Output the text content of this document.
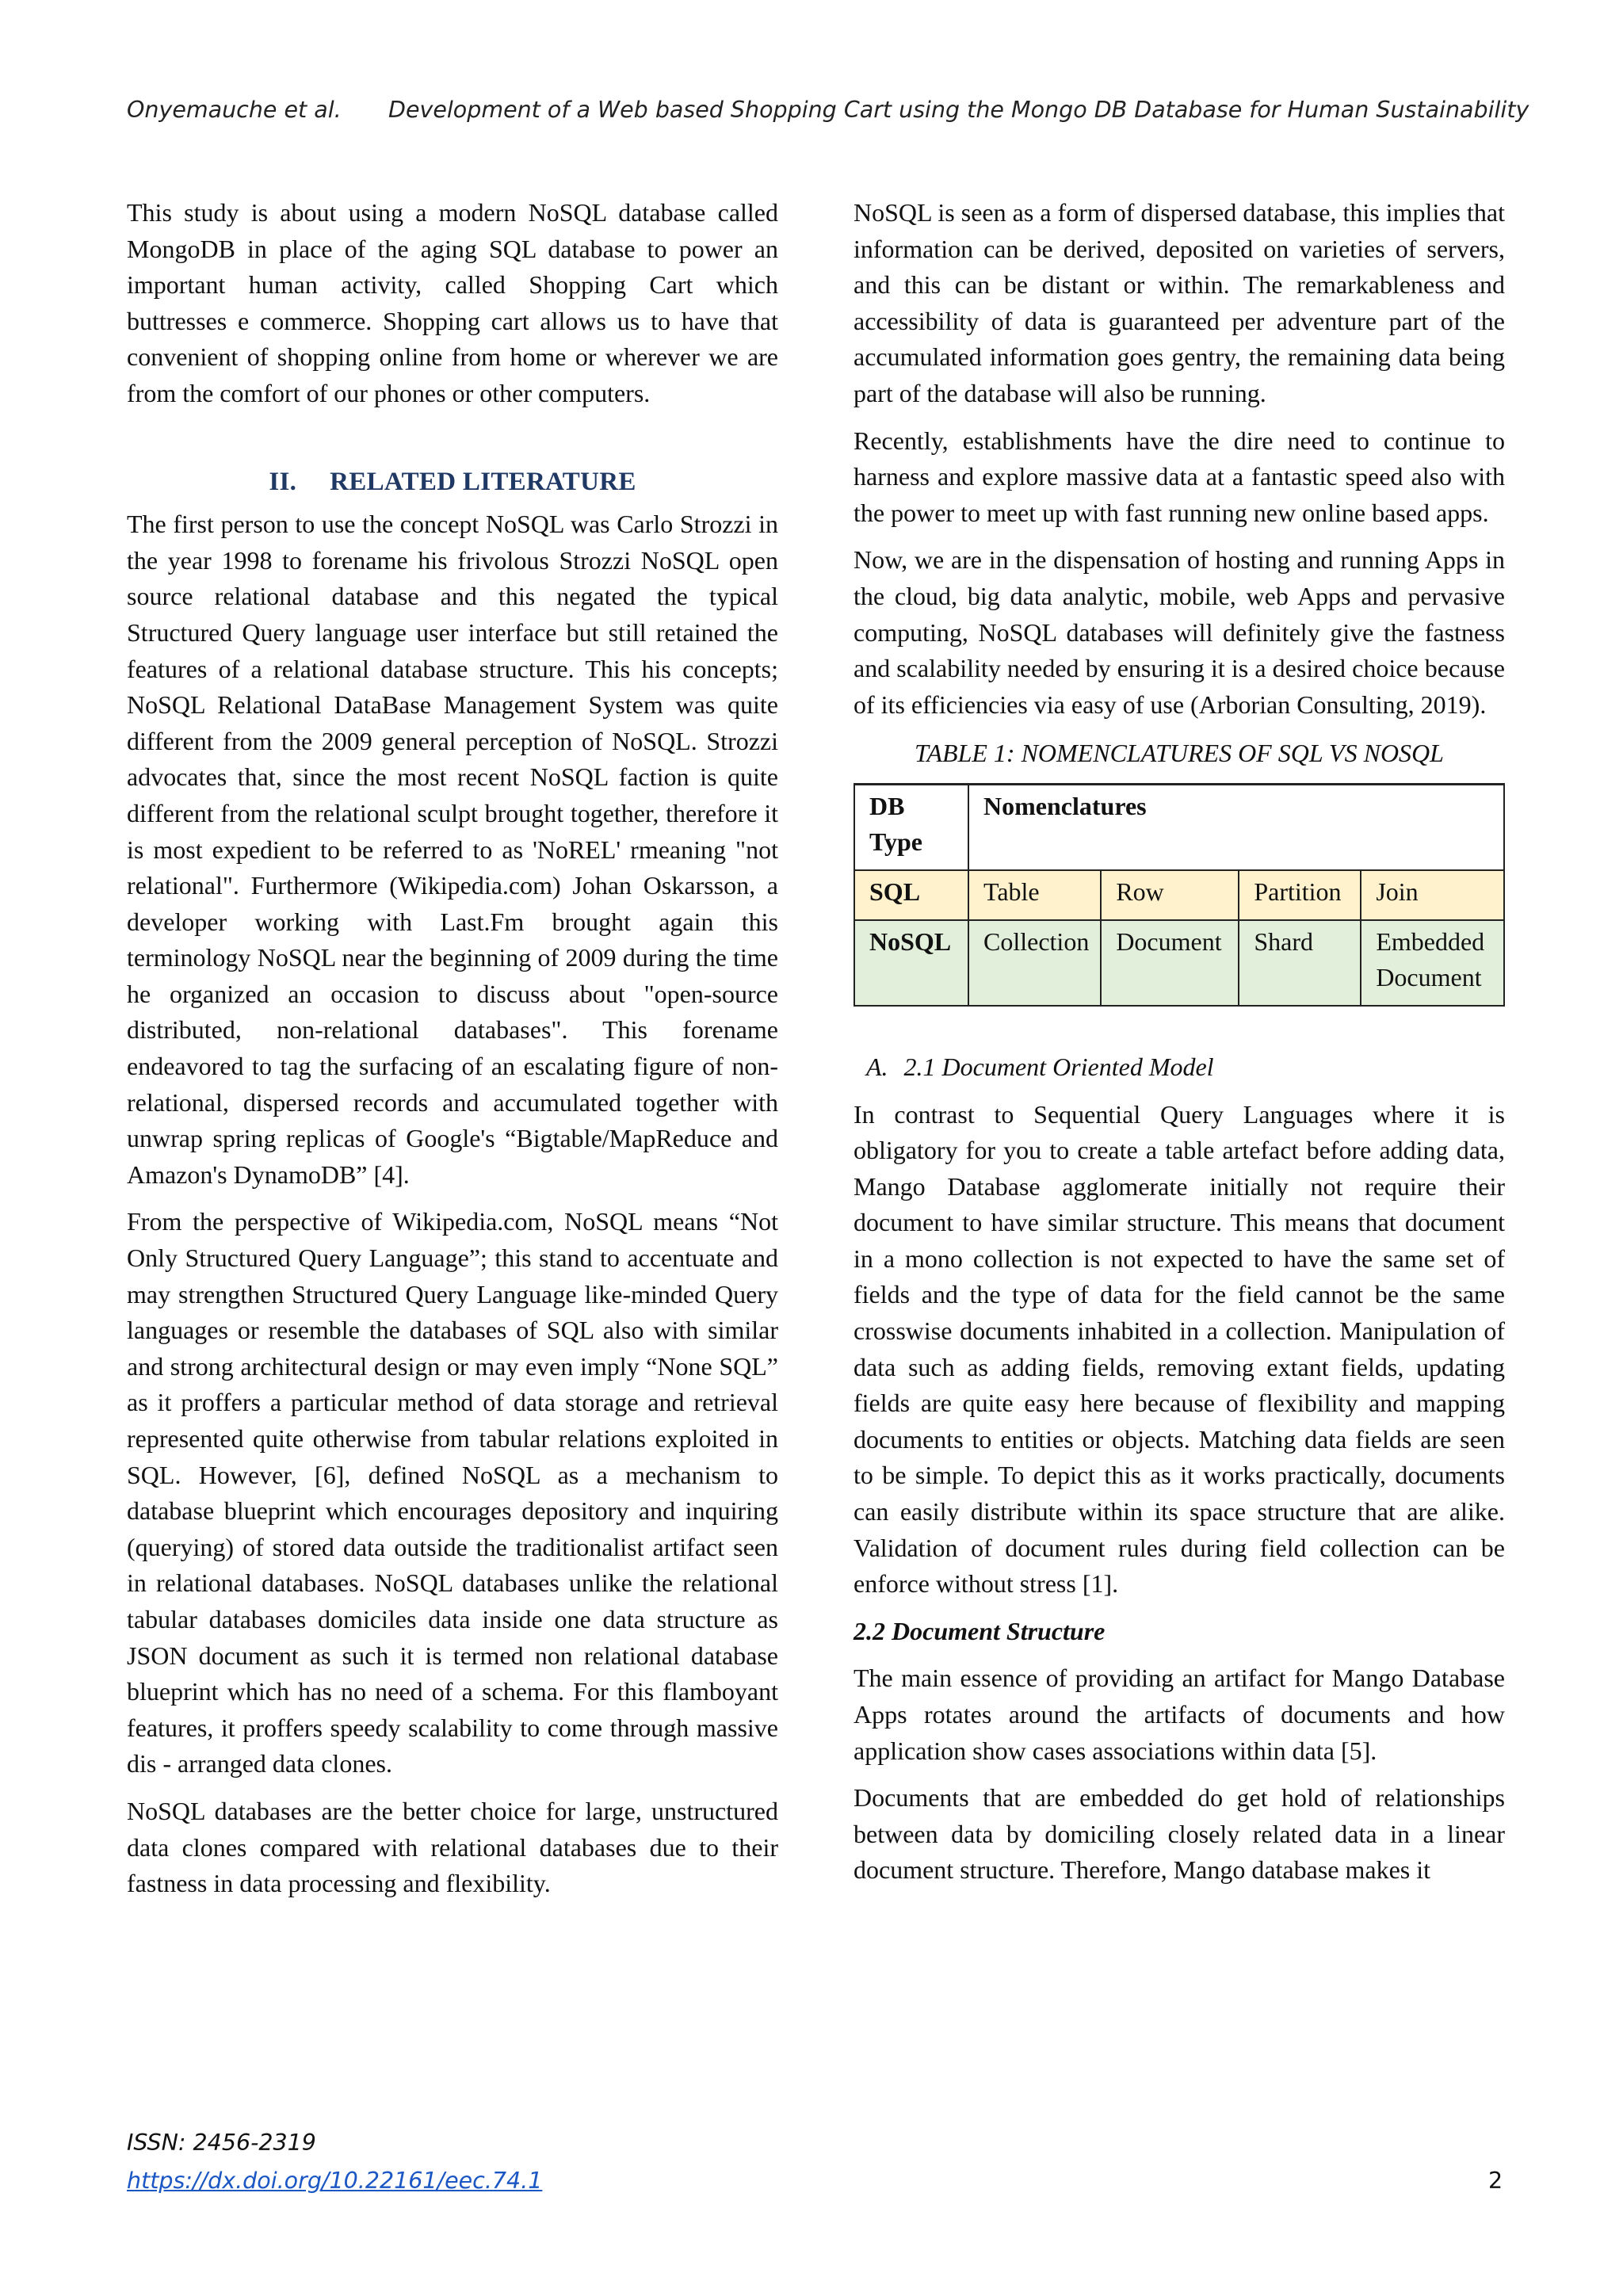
Onyemauche et al. Development of a Web based Shopping Cart using the Mongo DB Database for Human Sustainability

This study is about using a modern NoSQL database called MongoDB in place of the aging SQL database to power an important human activity, called Shopping Cart which buttresses e commerce. Shopping cart allows us to have that convenient of shopping online from home or wherever we are from the comfort of our phones or other computers.

II. RELATED LITERATURE

The first person to use the concept NoSQL was Carlo Strozzi in the year 1998 to forename his frivolous Strozzi NoSQL open source relational database and this negated the typical Structured Query language user interface but still retained the features of a relational database structure. This his concepts; NoSQL Relational DataBase Management System was quite different from the 2009 general perception of NoSQL. Strozzi advocates that, since the most recent NoSQL faction is quite different from the relational sculpt brought together, therefore it is most expedient to be referred to as 'NoREL' rmeaning "not relational". Furthermore (Wikipedia.com) Johan Oskarsson, a developer working with Last.Fm brought again this terminology NoSQL near the beginning of 2009 during the time he organized an occasion to discuss about "open-source distributed, non-relational databases". This forename endeavored to tag the surfacing of an escalating figure of non-relational, dispersed records and accumulated together with unwrap spring replicas of Google's “Bigtable/MapReduce and Amazon's DynamoDB” [4].

From the perspective of Wikipedia.com, NoSQL means “Not Only Structured Query Language”; this stand to accentuate and may strengthen Structured Query Language like-minded Query languages or resemble the databases of SQL also with similar and strong architectural design or may even imply “None SQL” as it proffers a particular method of data storage and retrieval represented quite otherwise from tabular relations exploited in SQL. However, [6], defined NoSQL as a mechanism to database blueprint which encourages depository and inquiring (querying) of stored data outside the traditionalist artifact seen in relational databases. NoSQL databases unlike the relational tabular databases domiciles data inside one data structure as JSON document as such it is termed non relational database blueprint which has no need of a schema. For this flamboyant features, it proffers speedy scalability to come through massive dis - arranged data clones.

NoSQL databases are the better choice for large, unstructured data clones compared with relational databases due to their fastness in data processing and flexibility.

NoSQL is seen as a form of dispersed database, this implies that information can be derived, deposited on varieties of servers, and this can be distant or within. The remarkableness and accessibility of data is guaranteed per adventure part of the accumulated information goes gentry, the remaining data being part of the database will also be running.

Recently, establishments have the dire need to continue to harness and explore massive data at a fantastic speed also with the power to meet up with fast running new online based apps.

Now, we are in the dispensation of hosting and running Apps in the cloud, big data analytic, mobile, web Apps and pervasive computing, NoSQL databases will definitely give the fastness and scalability needed by ensuring it is a desired choice because of its efficiencies via easy of use (Arborian Consulting, 2019).

TABLE 1: NOMENCLATURES OF SQL VS NOSQL
DB Type	Nomenclatures			
SQL	Table	Row	Partition	Join
NoSQL	Collection	Document	Shard	Embedded Document
A. 2.1 Document Oriented Model

In contrast to Sequential Query Languages where it is obligatory for you to create a table artefact before adding data, Mango Database agglomerate initially not require their document to have similar structure. This means that document in a mono collection is not expected to have the same set of fields and the type of data for the field cannot be the same crosswise documents inhabited in a collection. Manipulation of data such as adding fields, removing extant fields, updating fields are quite easy here because of flexibility and mapping documents to entities or objects. Matching data fields are seen to be simple. To depict this as it works practically, documents can easily distribute within its space structure that are alike. Validation of document rules during field collection can be enforce without stress [1].

2.2 Document Structure

The main essence of providing an artifact for Mango Database Apps rotates around the artifacts of documents and how application show cases associations within data [5].

Documents that are embedded do get hold of relationships between data by domiciling closely related data in a linear document structure. Therefore, Mango database makes it

ISSN: 2456-2319
https://dx.doi.org/10.22161/eec.74.1	2
